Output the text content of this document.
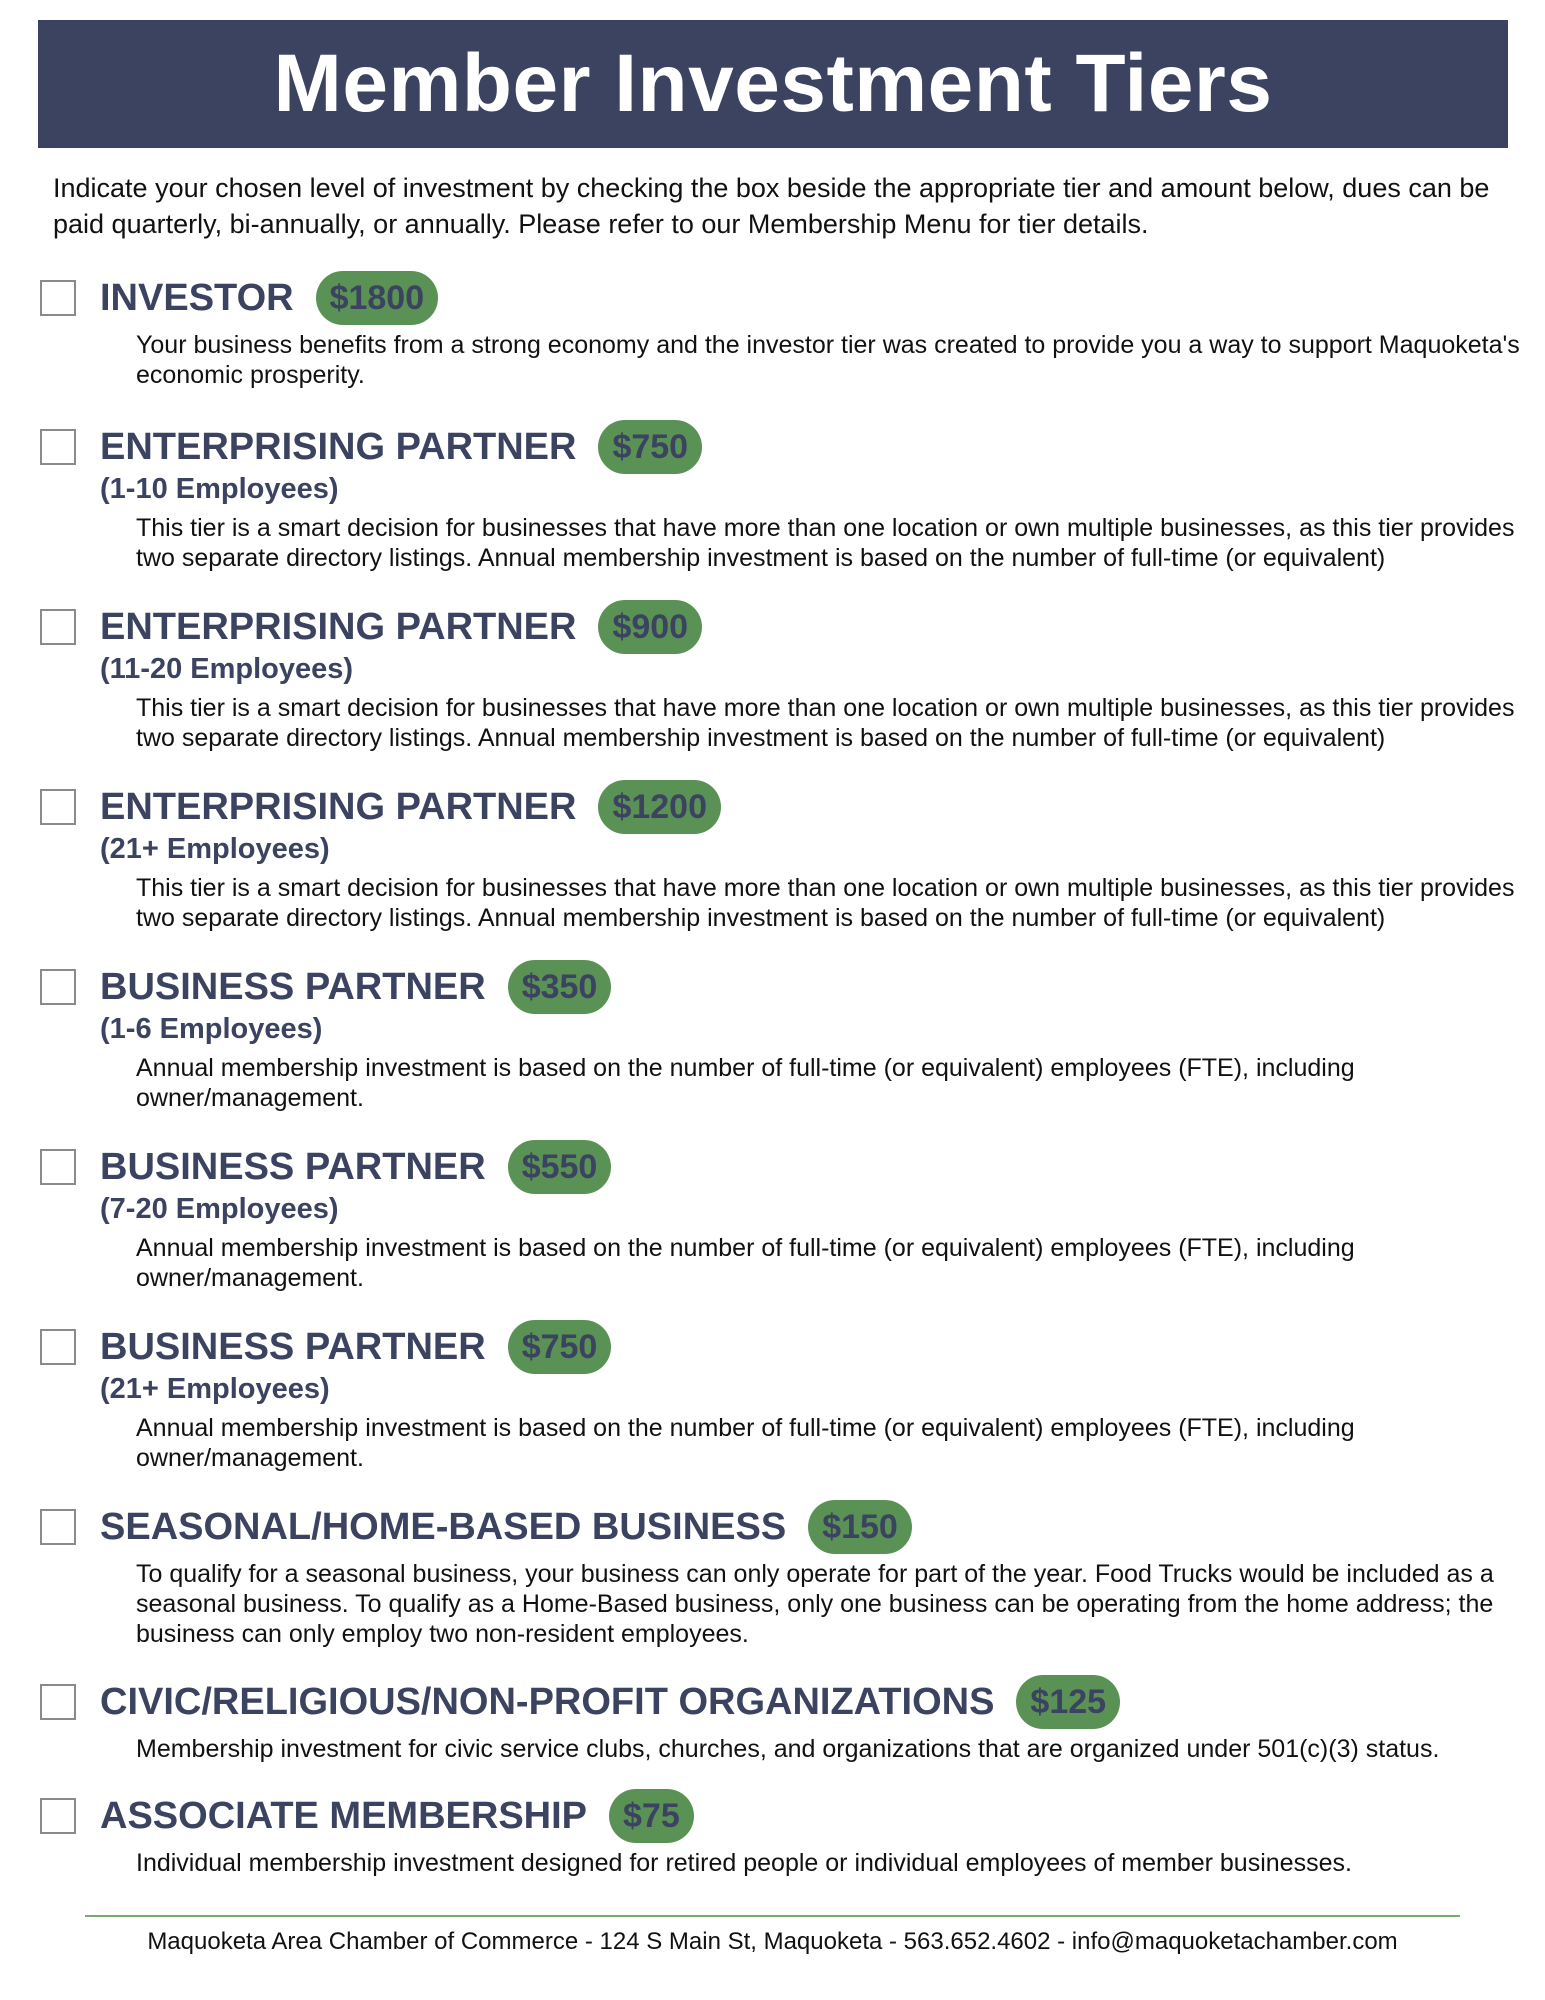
Member Investment Tiers
Indicate your chosen level of investment by checking the box beside the appropriate tier and amount below, dues can be paid quarterly, bi-annually, or annually. Please refer to our Membership Menu for tier details.
INVESTOR	$1800
Your business benefits from a strong economy and the investor tier was created to provide you a way to support Maquoketa's economic prosperity.
ENTERPRISING PARTNER	$750
(1-10 Employees)
This tier is a smart decision for businesses that have more than one location or own multiple businesses, as this tier provides two separate directory listings. Annual membership investment is based on the number of full-time (or equivalent)
ENTERPRISING PARTNER	$900
(11-20 Employees)
This tier is a smart decision for businesses that have more than one location or own multiple businesses, as this tier provides two separate directory listings. Annual membership investment is based on the number of full-time (or equivalent)
ENTERPRISING PARTNER	$1200
(21+ Employees)
This tier is a smart decision for businesses that have more than one location or own multiple businesses, as this tier provides two separate directory listings. Annual membership investment is based on the number of full-time (or equivalent)
BUSINESS PARTNER	$350
(1-6 Employees)
Annual membership investment is based on the number of full-time (or equivalent) employees (FTE), including owner/management.
BUSINESS PARTNER	$550
(7-20 Employees)
Annual membership investment is based on the number of full-time (or equivalent) employees (FTE), including owner/management.
BUSINESS PARTNER	$750
(21+ Employees)
Annual membership investment is based on the number of full-time (or equivalent) employees (FTE), including owner/management.
SEASONAL/HOME-BASED BUSINESS	$150
To qualify for a seasonal business, your business can only operate for part of the year. Food Trucks would be included as a seasonal business. To qualify as a Home-Based business, only one business can be operating from the home address; the business can only employ two non-resident employees.
CIVIC/RELIGIOUS/NON-PROFIT ORGANIZATIONS	$125
Membership investment for civic service clubs, churches, and organizations that are organized under 501(c)(3) status.
ASSOCIATE MEMBERSHIP	$75
Individual membership investment designed for retired people or individual employees of member businesses.
Maquoketa Area Chamber of Commerce - 124 S Main St, Maquoketa - 563.652.4602 - info@maquoketachamber.com
